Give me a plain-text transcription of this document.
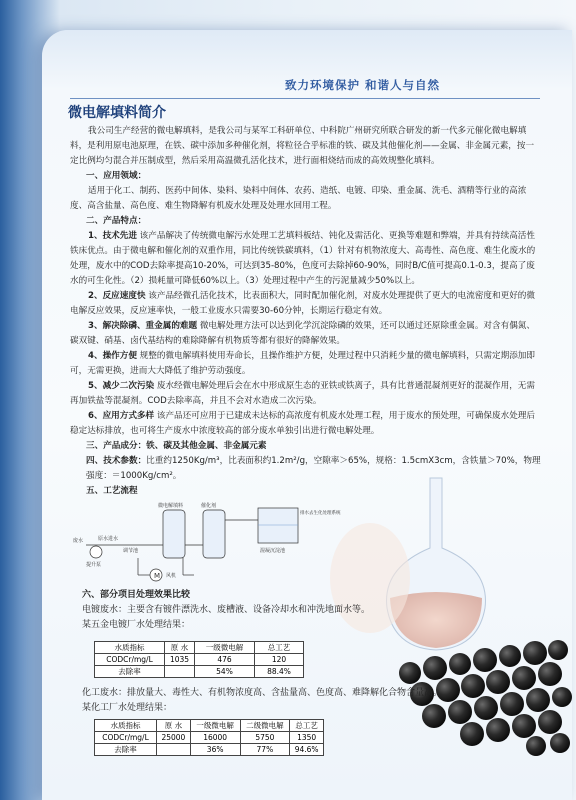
致力环境保护 和谐人与自然
微电解填料简介

我公司生产经营的微电解填料，是我公司与某军工科研单位、中科院广州研究所联合研发的新一代多元催化微电解填料，是利用原电池原理，在铁、碳中添加多种催化剂，将粒径合乎标准的铁、碳及其他催化剂——金属、非金属元素，按一定比例均匀混合并压制成型，然后采用高温微孔活化技术，进行面相烧结而成的高效规整化填料。

一、应用领域：

适用于化工、制药、医药中间体、染料、染料中间体、农药、造纸、电镀、印染、重金属、洗毛、酒精等行业的高浓度、高含盐量、高色度、难生物降解有机废水处理及处理水回用工程。

二、产品特点：

1、技术先进 该产品解决了传统微电解污水处理工艺填料板结、钝化及需活化、更换等难题和弊端，并具有持续高活性铁床优点。由于微电解和催化剂的双重作用，同比传统铁碳填料，（1）针对有机物浓度大、高毒性、高色度、难生化废水的处理，废水中的COD去除率提高10-20%，可达到35-80%，色度可去除掉60-90%，同时B/C值可提高0.1-0.3，提高了废水的可生化性。（2）损耗量可降低60%以上。（3）处理过程中产生的污泥量减少50%以上。

2、反应速度快 该产品经微孔活化技术，比表面积大，同时配加催化剂，对废水处理提供了更大的电流密度和更好的微电解反应效果，反应速率快，一般工业废水只需要30-60分钟，长期运行稳定有效。

3、解决除磷、重金属的难题 微电解处理方法可以达到化学沉淀除磷的效果，还可以通过还原除重金属。对含有偶氮、碳双键、硝基、卤代基结构的难除降解有机物质等都有很好的降解效果。

4、操作方便 规整的微电解填料使用寿命长，且操作维护方便，处理过程中只消耗少量的微电解填料，只需定期添加即可，无需更换，进而大大降低了维护劳动强度。

5、减少二次污染 废水经微电解处理后会在水中形成原生态的亚铁或铁离子，具有比普通混凝剂更好的混凝作用，无需再加铁盐等混凝剂。COD去除率高，并且不会对水造成二次污染。

6、应用方式多样 该产品还可应用于已建成未达标的高浓度有机废水处理工程，用于废水的预处理，可确保废水处理后稳定达标排放，也可将生产废水中浓度较高的部分废水单独引出进行微电解处理。

三、产品成分：铁、碳及其他金属、非金属元素

四、技术参数：比重约1250Kg/m³，比表面积约1.2m²/g，空隙率＞65%，规格：1.5cmX3cm，含铁量＞70%，物理强度：＝1000Kg/cm²。

五、工艺流程

M
废水
提升泵
调节池
风机
微电解填料	催化剂
混凝沉淀池
排水去生化处理系统
原水进水

六、部分项目处理效果比较

电镀废水：主要含有镀件漂洗水、废槽液、设备冷却水和冲洗地面水等。

某五金电镀厂水处理结果：

水质指标	原 水	一级微电解	总工艺
CODCr/mg/L	1035	476	120
去除率		54%	88.4%

化工废水：排放量大、毒性大、有机物浓度高、含盐量高、色度高、难降解化合物含量高。

某化工厂水处理结果：

水质指标	原 水	一级微电解	二级微电解	总工艺
CODCr/mg/L	25000	16000	5750	1350
去除率		36%	77%	94.6%
